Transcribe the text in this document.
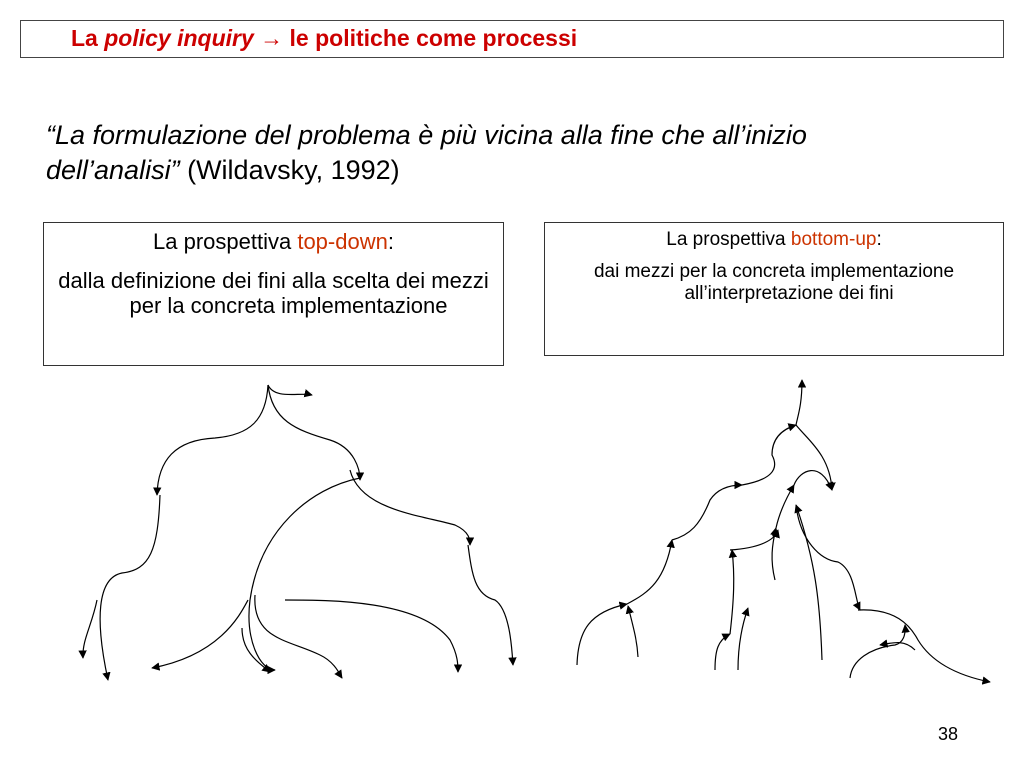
La policy inquiry → le politiche come processi
“La formulazione del problema è più vicina alla fine che all’inizio dell’analisi” (Wildavsky, 1992)
La prospettiva top-down:
dalla definizione dei fini alla scelta dei mezzi per la concreta implementazione
La prospettiva bottom-up:
dai mezzi per la concreta implementazione all’interpretazione dei fini
38
